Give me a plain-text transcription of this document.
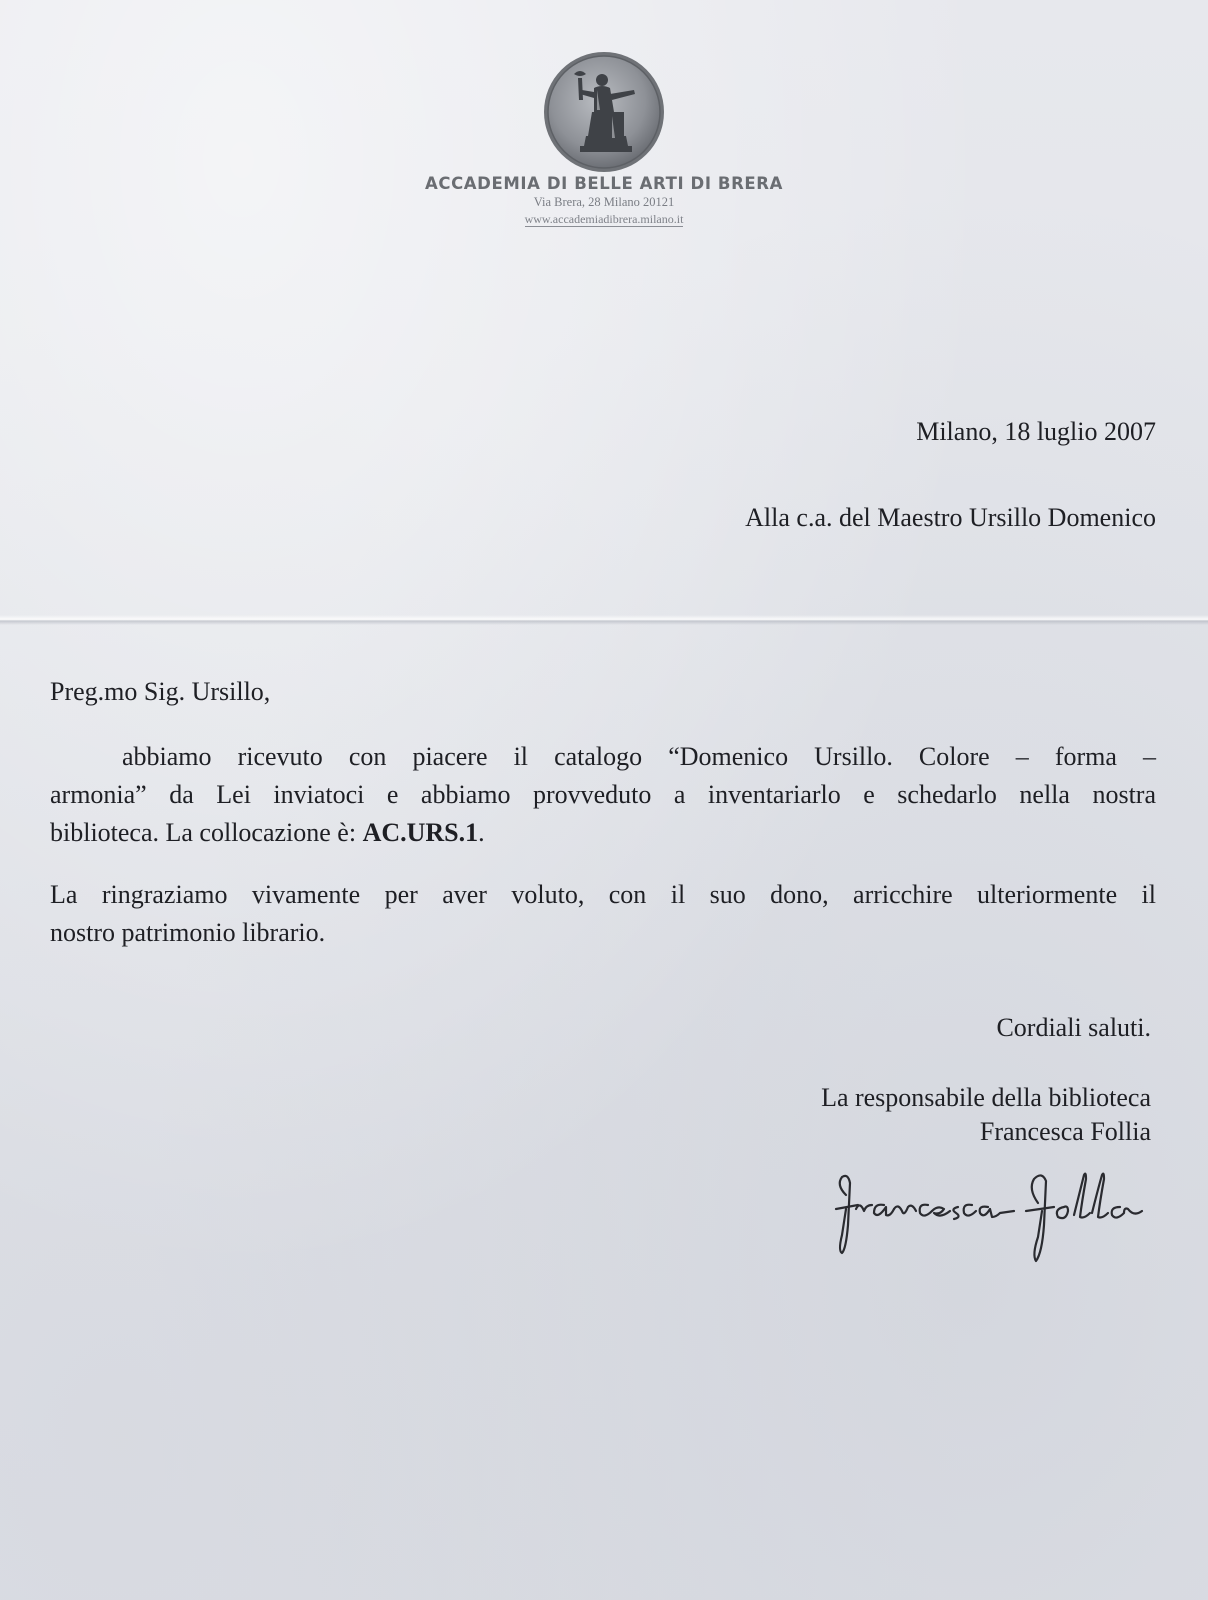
ACCADEMIA DI BELLE ARTI DI BRERA
Via Brera, 28 Milano 20121
www.accademiadibrera.milano.it
Milano, 18 luglio 2007
Alla c.a. del Maestro Ursillo Domenico
Preg.mo Sig. Ursillo,
abbiamo ricevuto con piacere il catalogo “Domenico Ursillo. Colore – forma –
armonia” da Lei inviatoci e abbiamo provveduto a inventariarlo e schedarlo nella nostra
biblioteca. La collocazione è: AC.URS.1.
La ringraziamo vivamente per aver voluto, con il suo dono, arricchire ulteriormente il
nostro patrimonio librario.
Cordiali saluti.
La responsabile della biblioteca
Francesca Follia
